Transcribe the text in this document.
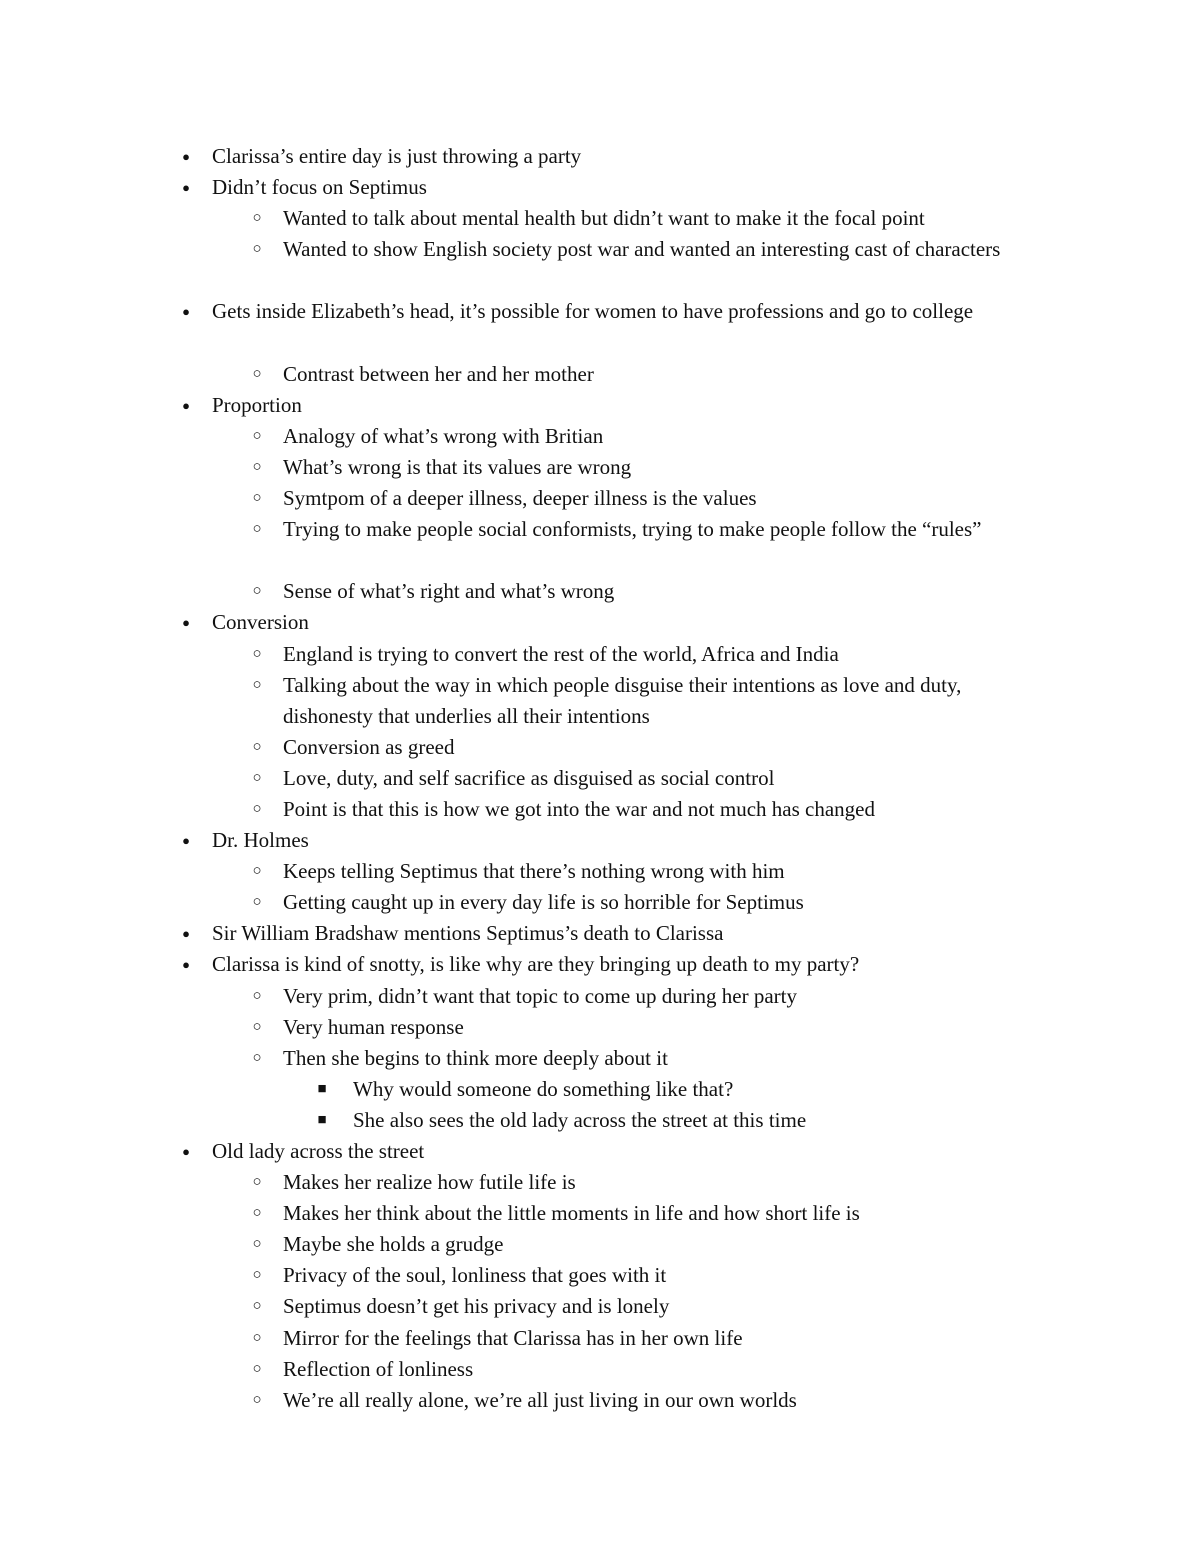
● Clarissa’s entire day is just throwing a party
● Didn’t focus on Septimus
○ Wanted to talk about mental health but didn’t want to make it the focal point
○ Wanted to show English society post war and wanted an interesting cast of characters
● Gets inside Elizabeth’s head, it’s possible for women to have professions and go to college
○ Contrast between her and her mother
● Proportion
○ Analogy of what’s wrong with Britian
○ What’s wrong is that its values are wrong
○ Symtpom of a deeper illness, deeper illness is the values
○ Trying to make people social conformists, trying to make people follow the “rules”
○ Sense of what’s right and what’s wrong
● Conversion
○ England is trying to convert the rest of the world, Africa and India
○ Talking about the way in which people disguise their intentions as love and duty, dishonesty that underlies all their intentions
○ Conversion as greed
○ Love, duty, and self sacrifice as disguised as social control
○ Point is that this is how we got into the war and not much has changed
● Dr. Holmes
○ Keeps telling Septimus that there’s nothing wrong with him
○ Getting caught up in every day life is so horrible for Septimus
● Sir William Bradshaw mentions Septimus’s death to Clarissa
● Clarissa is kind of snotty, is like why are they bringing up death to my party?
○ Very prim, didn’t want that topic to come up during her party
○ Very human response
○ Then she begins to think more deeply about it
■ Why would someone do something like that?
■ She also sees the old lady across the street at this time
● Old lady across the street
○ Makes her realize how futile life is
○ Makes her think about the little moments in life and how short life is
○ Maybe she holds a grudge
○ Privacy of the soul, lonliness that goes with it
○ Septimus doesn’t get his privacy and is lonely
○ Mirror for the feelings that Clarissa has in her own life
○ Reflection of lonliness
○ We’re all really alone, we’re all just living in our own worlds
